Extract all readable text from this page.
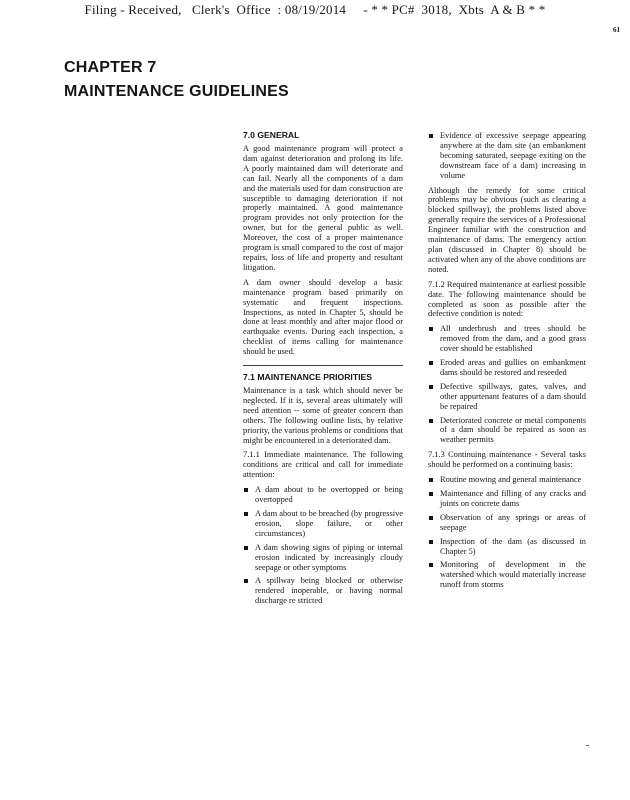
Filing - Received,   Clerk's  Office  : 08/19/2014     - * * PC#  3018,  Xbts  A & B * *
61
CHAPTER 7
MAINTENANCE GUIDELINES
7.0 GENERAL

A good maintenance program will protect a dam against deterioration and prolong its life. A poorly maintained dam will deteriorate and can fail. Nearly all the components of a dam and the materials used for dam construction are susceptible to damaging deterioration if not properly maintained. A good maintenance program provides not only protection for the owner, but for the general public as well. Moreover, the cost of a proper maintenance program is small compared to the cost of major repairs, loss of life and property and resultant litigation.

A dam owner should develop a basic maintenance program based primarily on systematic and frequent inspections. Inspections, as noted in Chapter 5, should be done at least monthly and after major flood or earthquake events. During each inspection, a checklist of items calling for maintenance should be used.

7.1 MAINTENANCE PRIORITIES

Maintenance is a task which should never be neglected. If it is, several areas ultimately will need attention -- some of greater concern than others. The following outline lists, by relative priority, the various problems or conditions that might be encountered in a deteriorated dam.

7.1.1 Immediate maintenance. The following conditions are critical and call for immediate attention:

A dam about to be overtopped or being overtopped
A dam about to be breached (by progressive erosion, slope failure, or other circumstances)
A dam showing signs of piping or internal erosion indicated by increasingly cloudy seepage or other symptoms
A spillway being blocked or otherwise rendered inoperable, or having normal discharge re stricted
Evidence of excessive seepage appearing anywhere at the dam site (an embankment becoming saturated, seepage exiting on the downstream face of a dam) increasing in volume

Although the remedy for some critical problems may be obvious (such as clearing a blocked spillway), the problems listed above generally require the services of a Professional Engineer familiar with the construction and maintenance of dams. The emergency action plan (discussed in Chapter 8) should be activated when any of the above conditions are noted.

7.1.2 Required maintenance at earliest possible date. The following maintenance should be completed as soon as possible after the defective condition is noted:

All underbrush and trees should be removed from the dam, and a good grass cover should be established
Eroded areas and gullies on embankment dams should be restored and reseeded
Defective spillways, gates, valves, and other appurtenant features of a dam should be repaired
Deteriorated concrete or metal components of a dam should be repaired as soon as weather permits

7.1.3 Continuing maintenance - Several tasks should be performed on a continuing basis:

Routine mowing and general maintenance
Maintenance and filling of any cracks and joints on concrete dams
Observation of any springs or areas of seepage
Inspection of the dam (as discussed in Chapter 5)
Monitoring of development in the watershed which would materially increase runoff from storms
